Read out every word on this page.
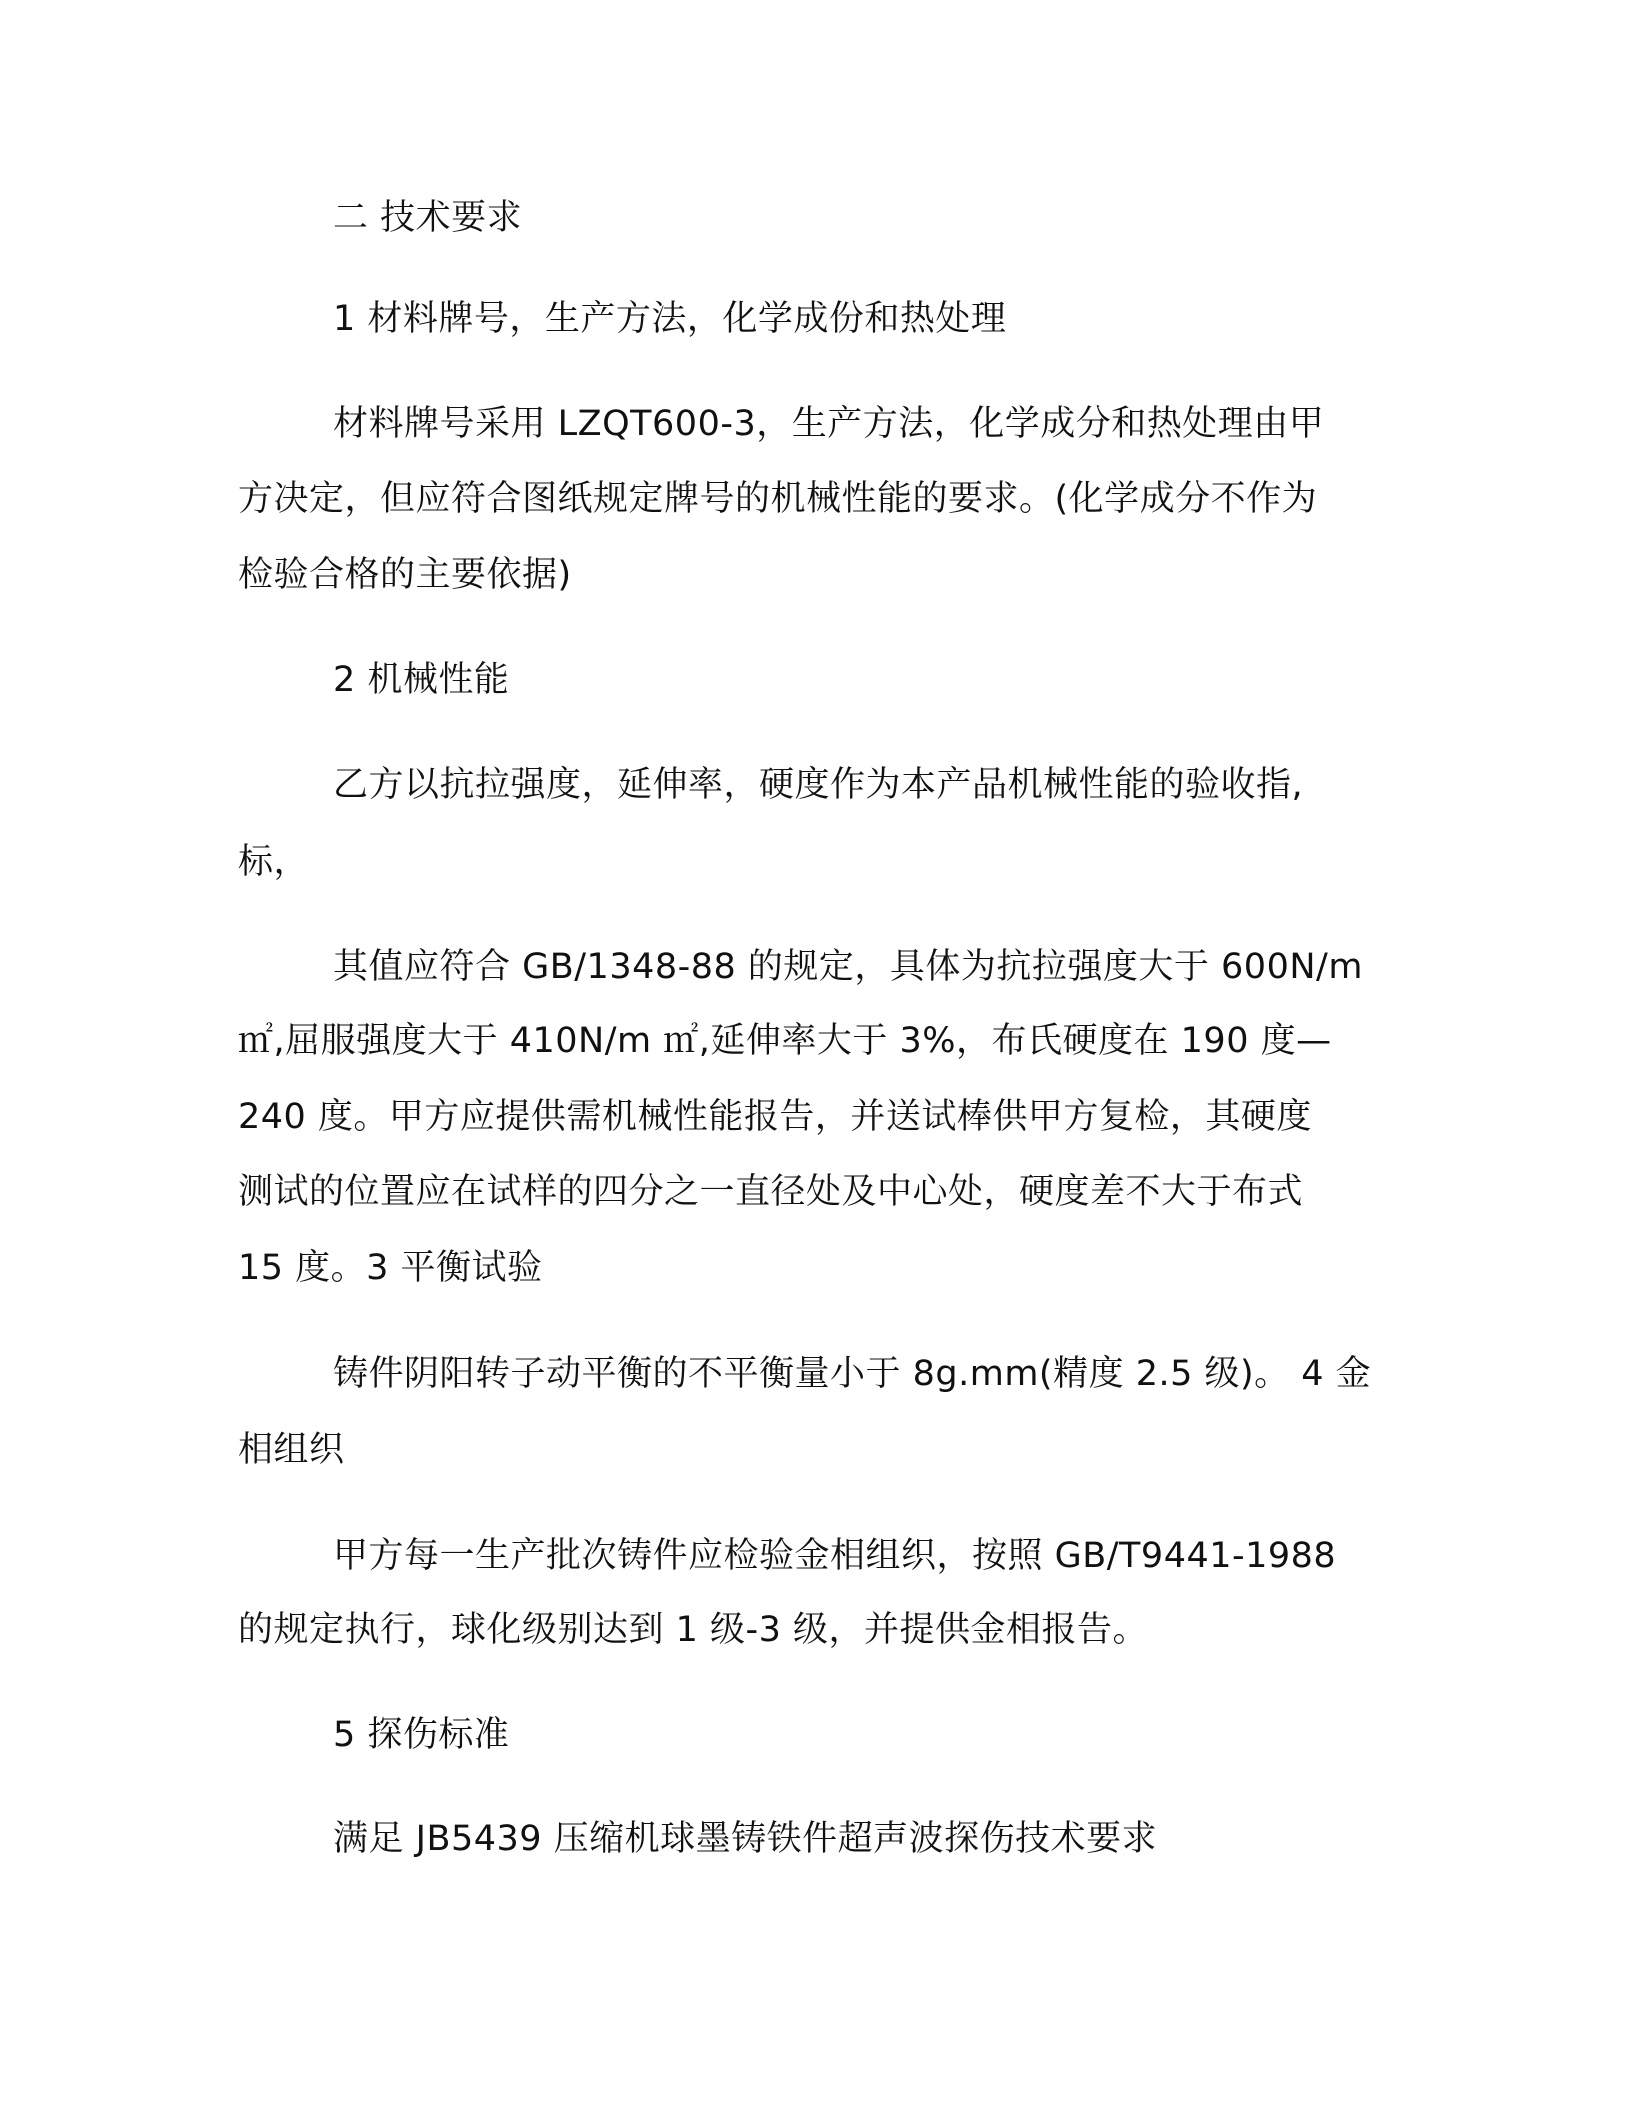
二 技术要求
1 材料牌号，生产方法，化学成份和热处理
材料牌号采用 LZQT600-3，生产方法，化学成分和热处理由甲
方决定，但应符合图纸规定牌号的机械性能的要求。(化学成分不作为
检验合格的主要依据)
2 机械性能
乙方以抗拉强度，延伸率，硬度作为本产品机械性能的验收指,
标，
其值应符合 GB/1348-88 的规定，具体为抗拉强度大于 600N/m
㎡,屈服强度大于 410N/m ㎡,延伸率大于 3%，布氏硬度在 190 度—
240 度。甲方应提供需机械性能报告，并送试棒供甲方复检，其硬度
测试的位置应在试样的四分之一直径处及中心处，硬度差不大于布式
15 度。3 平衡试验
铸件阴阳转子动平衡的不平衡量小于 8g.mm(精度 2.5 级)。 4 金
相组织
甲方每一生产批次铸件应检验金相组织，按照 GB/T9441-1988
的规定执行，球化级别达到 1 级-3 级，并提供金相报告。
5 探伤标准
满足 JB5439 压缩机球墨铸铁件超声波探伤技术要求
